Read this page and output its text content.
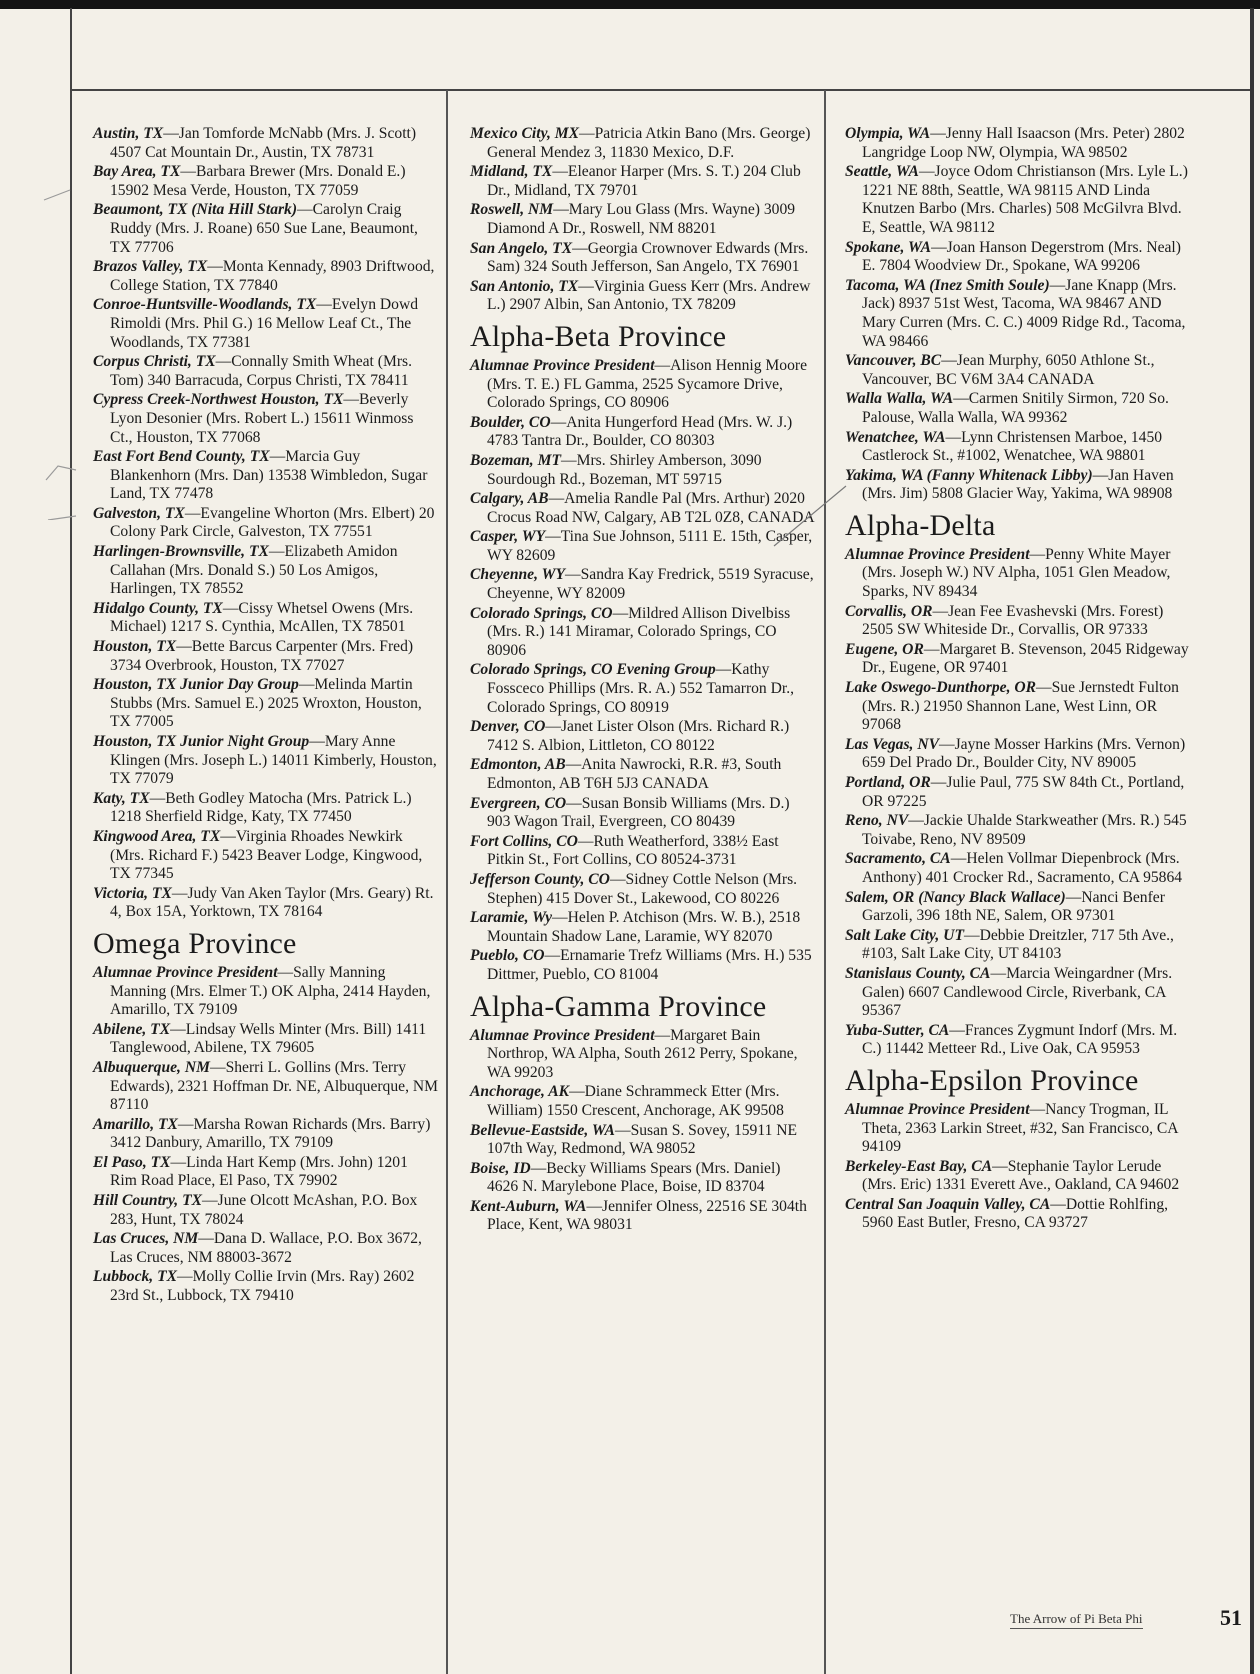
Austin, TX—Jan Tomforde McNabb (Mrs. J. Scott) 4507 Cat Mountain Dr., Austin, TX 78731
Bay Area, TX—Barbara Brewer (Mrs. Donald E.) 15902 Mesa Verde, Houston, TX 77059
Beaumont, TX (Nita Hill Stark)—Carolyn Craig Ruddy (Mrs. J. Roane) 650 Sue Lane, Beaumont, TX 77706
Brazos Valley, TX—Monta Kennady, 8903 Driftwood, College Station, TX 77840
Conroe-Huntsville-Woodlands, TX—Evelyn Dowd Rimoldi (Mrs. Phil G.) 16 Mellow Leaf Ct., The Woodlands, TX 77381
Corpus Christi, TX—Connally Smith Wheat (Mrs. Tom) 340 Barracuda, Corpus Christi, TX 78411
Cypress Creek-Northwest Houston, TX—Beverly Lyon Desonier (Mrs. Robert L.) 15611 Winmoss Ct., Houston, TX 77068
East Fort Bend County, TX—Marcia Guy Blankenhorn (Mrs. Dan) 13538 Wimbledon, Sugar Land, TX 77478
Galveston, TX—Evangeline Whorton (Mrs. Elbert) 20 Colony Park Circle, Galveston, TX 77551
Harlingen-Brownsville, TX—Elizabeth Amidon Callahan (Mrs. Donald S.) 50 Los Amigos, Harlingen, TX 78552
Hidalgo County, TX—Cissy Whetsel Owens (Mrs. Michael) 1217 S. Cynthia, McAllen, TX 78501
Houston, TX—Bette Barcus Carpenter (Mrs. Fred) 3734 Overbrook, Houston, TX 77027
Houston, TX Junior Day Group—Melinda Martin Stubbs (Mrs. Samuel E.) 2025 Wroxton, Houston, TX 77005
Houston, TX Junior Night Group—Mary Anne Klingen (Mrs. Joseph L.) 14011 Kimberly, Houston, TX 77079
Katy, TX—Beth Godley Matocha (Mrs. Patrick L.) 1218 Sherfield Ridge, Katy, TX 77450
Kingwood Area, TX—Virginia Rhoades Newkirk (Mrs. Richard F.) 5423 Beaver Lodge, Kingwood, TX 77345
Victoria, TX—Judy Van Aken Taylor (Mrs. Geary) Rt. 4, Box 15A, Yorktown, TX 78164
Omega Province
Alumnae Province President—Sally Manning Manning (Mrs. Elmer T.) OK Alpha, 2414 Hayden, Amarillo, TX 79109
Abilene, TX—Lindsay Wells Minter (Mrs. Bill) 1411 Tanglewood, Abilene, TX 79605
Albuquerque, NM—Sherri L. Gollins (Mrs. Terry Edwards), 2321 Hoffman Dr. NE, Albuquerque, NM 87110
Amarillo, TX—Marsha Rowan Richards (Mrs. Barry) 3412 Danbury, Amarillo, TX 79109
El Paso, TX—Linda Hart Kemp (Mrs. John) 1201 Rim Road Place, El Paso, TX 79902
Hill Country, TX—June Olcott McAshan, P.O. Box 283, Hunt, TX 78024
Las Cruces, NM—Dana D. Wallace, P.O. Box 3672, Las Cruces, NM 88003-3672
Lubbock, TX—Molly Collie Irvin (Mrs. Ray) 2602 23rd St., Lubbock, TX 79410
Mexico City, MX—Patricia Atkin Bano (Mrs. George) General Mendez 3, 11830 Mexico, D.F.
Midland, TX—Eleanor Harper (Mrs. S. T.) 204 Club Dr., Midland, TX 79701
Roswell, NM—Mary Lou Glass (Mrs. Wayne) 3009 Diamond A Dr., Roswell, NM 88201
San Angelo, TX—Georgia Crownover Edwards (Mrs. Sam) 324 South Jefferson, San Angelo, TX 76901
San Antonio, TX—Virginia Guess Kerr (Mrs. Andrew L.) 2907 Albin, San Antonio, TX 78209
Alpha-Beta Province
Alumnae Province President—Alison Hennig Moore (Mrs. T. E.) FL Gamma, 2525 Sycamore Drive, Colorado Springs, CO 80906
Boulder, CO—Anita Hungerford Head (Mrs. W. J.) 4783 Tantra Dr., Boulder, CO 80303
Bozeman, MT—Mrs. Shirley Amberson, 3090 Sourdough Rd., Bozeman, MT 59715
Calgary, AB—Amelia Randle Pal (Mrs. Arthur) 2020 Crocus Road NW, Calgary, AB T2L 0Z8, CANADA
Casper, WY—Tina Sue Johnson, 5111 E. 15th, Casper, WY 82609
Cheyenne, WY—Sandra Kay Fredrick, 5519 Syracuse, Cheyenne, WY 82009
Colorado Springs, CO—Mildred Allison Divelbiss (Mrs. R.) 141 Miramar, Colorado Springs, CO 80906
Colorado Springs, CO Evening Group—Kathy Fossceco Phillips (Mrs. R. A.) 552 Tamarron Dr., Colorado Springs, CO 80919
Denver, CO—Janet Lister Olson (Mrs. Richard R.) 7412 S. Albion, Littleton, CO 80122
Edmonton, AB—Anita Nawrocki, R.R. #3, South Edmonton, AB T6H 5J3 CANADA
Evergreen, CO—Susan Bonsib Williams (Mrs. D.) 903 Wagon Trail, Evergreen, CO 80439
Fort Collins, CO—Ruth Weatherford, 338½ East Pitkin St., Fort Collins, CO 80524-3731
Jefferson County, CO—Sidney Cottle Nelson (Mrs. Stephen) 415 Dover St., Lakewood, CO 80226
Laramie, Wy—Helen P. Atchison (Mrs. W. B.), 2518 Mountain Shadow Lane, Laramie, WY 82070
Pueblo, CO—Ernamarie Trefz Williams (Mrs. H.) 535 Dittmer, Pueblo, CO 81004
Alpha-Gamma Province
Alumnae Province President—Margaret Bain Northrop, WA Alpha, South 2612 Perry, Spokane, WA 99203
Anchorage, AK—Diane Schrammeck Etter (Mrs. William) 1550 Crescent, Anchorage, AK 99508
Bellevue-Eastside, WA—Susan S. Sovey, 15911 NE 107th Way, Redmond, WA 98052
Boise, ID—Becky Williams Spears (Mrs. Daniel) 4626 N. Marylebone Place, Boise, ID 83704
Kent-Auburn, WA—Jennifer Olness, 22516 SE 304th Place, Kent, WA 98031
Olympia, WA—Jenny Hall Isaacson (Mrs. Peter) 2802 Langridge Loop NW, Olympia, WA 98502
Seattle, WA—Joyce Odom Christianson (Mrs. Lyle L.) 1221 NE 88th, Seattle, WA 98115 AND Linda Knutzen Barbo (Mrs. Charles) 508 McGilvra Blvd. E, Seattle, WA 98112
Spokane, WA—Joan Hanson Degerstrom (Mrs. Neal) E. 7804 Woodview Dr., Spokane, WA 99206
Tacoma, WA (Inez Smith Soule)—Jane Knapp (Mrs. Jack) 8937 51st West, Tacoma, WA 98467 AND Mary Curren (Mrs. C. C.) 4009 Ridge Rd., Tacoma, WA 98466
Vancouver, BC—Jean Murphy, 6050 Athlone St., Vancouver, BC V6M 3A4 CANADA
Walla Walla, WA—Carmen Snitily Sirmon, 720 So. Palouse, Walla Walla, WA 99362
Wenatchee, WA—Lynn Christensen Marboe, 1450 Castlerock St., #1002, Wenatchee, WA 98801
Yakima, WA (Fanny Whitenack Libby)—Jan Haven (Mrs. Jim) 5808 Glacier Way, Yakima, WA 98908
Alpha-Delta
Alumnae Province President—Penny White Mayer (Mrs. Joseph W.) NV Alpha, 1051 Glen Meadow, Sparks, NV 89434
Corvallis, OR—Jean Fee Evashevski (Mrs. Forest) 2505 SW Whiteside Dr., Corvallis, OR 97333
Eugene, OR—Margaret B. Stevenson, 2045 Ridgeway Dr., Eugene, OR 97401
Lake Oswego-Dunthorpe, OR—Sue Jernstedt Fulton (Mrs. R.) 21950 Shannon Lane, West Linn, OR 97068
Las Vegas, NV—Jayne Mosser Harkins (Mrs. Vernon) 659 Del Prado Dr., Boulder City, NV 89005
Portland, OR—Julie Paul, 775 SW 84th Ct., Portland, OR 97225
Reno, NV—Jackie Uhalde Starkweather (Mrs. R.) 545 Toivabe, Reno, NV 89509
Sacramento, CA—Helen Vollmar Diepenbrock (Mrs. Anthony) 401 Crocker Rd., Sacramento, CA 95864
Salem, OR (Nancy Black Wallace)—Nanci Benfer Garzoli, 396 18th NE, Salem, OR 97301
Salt Lake City, UT—Debbie Dreitzler, 717 5th Ave., #103, Salt Lake City, UT 84103
Stanislaus County, CA—Marcia Weingardner (Mrs. Galen) 6607 Candlewood Circle, Riverbank, CA 95367
Yuba-Sutter, CA—Frances Zygmunt Indorf (Mrs. M. C.) 11442 Metteer Rd., Live Oak, CA 95953
Alpha-Epsilon Province
Alumnae Province President—Nancy Trogman, IL Theta, 2363 Larkin Street, #32, San Francisco, CA 94109
Berkeley-East Bay, CA—Stephanie Taylor Lerude (Mrs. Eric) 1331 Everett Ave., Oakland, CA 94602
Central San Joaquin Valley, CA—Dottie Rohlfing, 5960 East Butler, Fresno, CA 93727
The Arrow of Pi Beta Phi	51
